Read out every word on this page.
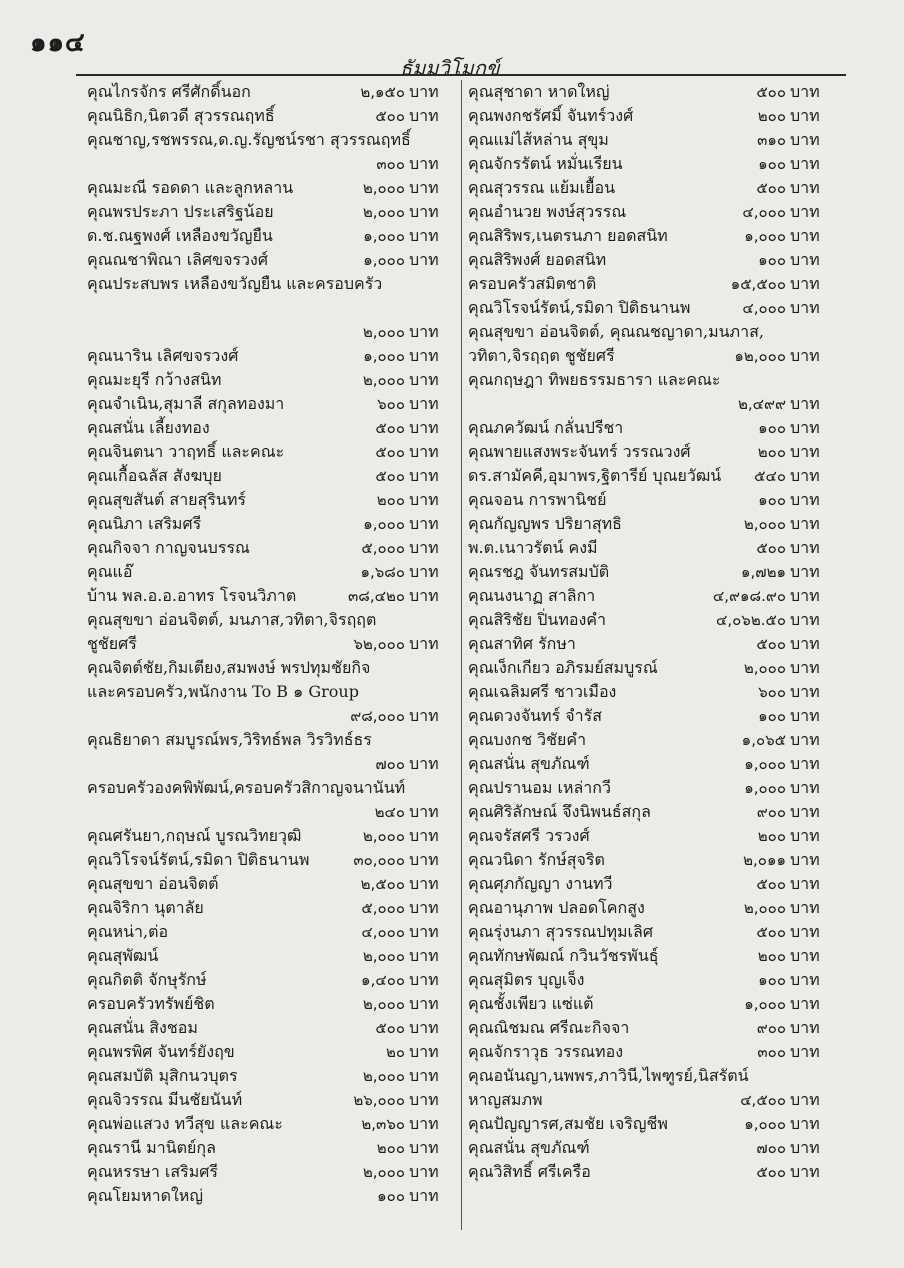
๑๑๔
ธัมมวิโมกข์
คุณไกรจักร ศรีศักดิ์นอก	๒,๑๕๐ บาท
คุณนิธิก,นิตวดี สุวรรณฤทธิ์	๕๐๐ บาท
คุณชาญ,รชพรรณ,ด.ญ.รัญชน์รชา สุวรรณฤทธิ์
๓๐๐ บาท
คุณมะณี รอดดา และลูกหลาน	๒,๐๐๐ บาท
คุณพรประภา ประเสริฐน้อย	๒,๐๐๐ บาท
ด.ช.ณฐพงศ์ เหลืองขวัญยืน	๑,๐๐๐ บาท
คุณณชาพิณา เลิศขจรวงศ์	๑,๐๐๐ บาท
คุณประสบพร เหลืองขวัญยืน และครอบครัว
๒,๐๐๐ บาท
คุณนาริน เลิศขจรวงศ์	๑,๐๐๐ บาท
คุณมะยุรี กว้างสนิท	๒,๐๐๐ บาท
คุณจำเนิน,สุมาลี สกุลทองมา	๖๐๐ บาท
คุณสนั่น เลี้ยงทอง	๕๐๐ บาท
คุณจินตนา วาฤทธิ์ และคณะ	๕๐๐ บาท
คุณเกื้อฉลัส สังฆบุย	๕๐๐ บาท
คุณสุขสันต์ สายสุรินทร์	๒๐๐ บาท
คุณนิภา เสริมศรี	๑,๐๐๐ บาท
คุณกิจจา กาญจนบรรณ	๕,๐๐๐ บาท
คุณแอ๊	๑,๖๘๐ บาท
บ้าน พล.อ.อ.อาทร โรจนวิภาต	๓๘,๔๒๐ บาท
คุณสุขขา อ่อนจิตต์, มนภาส,วทิตา,จิรฤฤต
ชูชัยศรี	๖๒,๐๐๐ บาท
คุณจิตต์ชัย,กิมเตียง,สมพงษ์ พรปทุมชัยกิจ
และครอบครัว,พนักงาน To B ๑ Group
๙๘,๐๐๐ บาท
คุณธิยาดา สมบูรณ์พร,วิริทธ์พล วิรวิทธ์ธร
๗๐๐ บาท
ครอบครัวองคพิพัฒน์,ครอบครัวสิกาญจนานันท์
๒๔๐ บาท
คุณศรันยา,กฤษณ์ บูรณวิทยวุฒิ	๒,๐๐๐ บาท
คุณวิโรจน์รัตน์,รมิดา ปิติธนานพ	๓๐,๐๐๐ บาท
คุณสุขขา อ่อนจิตต์	๒,๕๐๐ บาท
คุณจิริกา นุตาลัย	๕,๐๐๐ บาท
คุณหน่า,ต่อ	๔,๐๐๐ บาท
คุณสุพัฒน์	๒,๐๐๐ บาท
คุณกิตติ จักษุรักษ์	๑,๔๐๐ บาท
ครอบครัวทรัพย์ชิต	๒,๐๐๐ บาท
คุณสนั่น สิงชอม	๕๐๐ บาท
คุณพรพิศ จันทร์ยังฤข	๒๐ บาท
คุณสมบัติ มุสิกนวบุตร	๒,๐๐๐ บาท
คุณจิวรรณ มีนชัยนันท์	๒๖,๐๐๐ บาท
คุณพ่อแสวง ทวีสุข และคณะ	๒,๓๖๐ บาท
คุณรานี มานิตย์กุล	๒๐๐ บาท
คุณหรรษา เสริมศรี	๒,๐๐๐ บาท
คุณโยมหาดใหญ่	๑๐๐ บาท
คุณสุชาดา หาดใหญ่	๕๐๐ บาท
คุณพงกชรัศมิ์ จันทร์วงศ์	๒๐๐ บาท
คุณแม่ไส้หล่าน สุขุม	๓๑๐ บาท
คุณจักรรัตน์ หมั่นเรียน	๑๐๐ บาท
คุณสุวรรณ แย้มเยื้อน	๕๐๐ บาท
คุณอำนวย พงษ์สุวรรณ	๔,๐๐๐ บาท
คุณสิริพร,เนตรนภา ยอดสนิท	๑,๐๐๐ บาท
คุณสิริพงศ์ ยอดสนิท	๑๐๐ บาท
ครอบครัวสมิตชาติ	๑๕,๕๐๐ บาท
คุณวิโรจน์รัตน์,รมิดา ปิติธนานพ	๔,๐๐๐ บาท
คุณสุขขา อ่อนจิตต์, คุณณชญาดา,มนภาส,
วทิตา,จิรฤฤต ชูชัยศรี	๑๒,๐๐๐ บาท
คุณกฤษฎา ทิพยธรรมธารา และคณะ
๒,๔๙๙ บาท
คุณภควัฒน์ กลั่นปรีชา	๑๐๐ บาท
คุณพายแสงพระจันทร์ วรรณวงศ์	๒๐๐ บาท
ดร.สามัคคี,อุมาพร,ฐิตารีย์ บุณยวัฒน์ ๕๔๐ บาท
คุณจอน การพานิชย์	๑๐๐ บาท
คุณกัญญพร ปริยาสุทธิ	๒,๐๐๐ บาท
พ.ต.เนาวรัตน์ คงมี	๕๐๐ บาท
คุณรชฎ จันทรสมบัติ	๑,๗๒๑ บาท
คุณนงนาฏ สาลิกา	๔,๙๑๘.๙๐ บาท
คุณสิริชัย ปิ่นทองคำ	๔,๐๖๒.๕๐ บาท
คุณสาทิศ รักษา	๕๐๐ บาท
คุณเง็กเกียว อภิรมย์สมบูรณ์	๒,๐๐๐ บาท
คุณเฉลิมศรี ชาวเมือง	๖๐๐ บาท
คุณดวงจันทร์ จำรัส	๑๐๐ บาท
คุณบงกช วิชัยคำ	๑,๐๖๕ บาท
คุณสนั่น สุขภัณฑ์	๑,๐๐๐ บาท
คุณปรานอม เหล่ากวี	๑,๐๐๐ บาท
คุณศิริลักษณ์ จึงนิพนธ์สกุล	๙๐๐ บาท
คุณจรัสศรี วรวงศ์	๒๐๐ บาท
คุณวนิดา รักษ์สุจริต	๒,๐๑๑ บาท
คุณศุภกัญญา งานทวี	๕๐๐ บาท
คุณอานุภาพ ปลอดโคกสูง	๒,๐๐๐ บาท
คุณรุ่งนภา สุวรรณปทุมเลิศ	๕๐๐ บาท
คุณทักษพัฒณ์ กวินวัชรพันธุ์	๒๐๐ บาท
คุณสุมิตร บุญเจ็ง	๑๐๐ บาท
คุณชั้งเพียว แซ่แต้	๑,๐๐๐ บาท
คุณณิชมณ ศรีณะกิจจา	๙๐๐ บาท
คุณจักราวุธ วรรณทอง	๓๐๐ บาท
คุณอนันญา,นพพร,ภาวินี,ไพฑูรย์,นิสรัตน์
หาญสมภพ	๔,๕๐๐ บาท
คุณปัญญารศ,สมชัย เจริญชีพ	๑,๐๐๐ บาท
คุณสนั่น สุขภัณฑ์	๗๐๐ บาท
คุณวิสิทธิ์ ศรีเครือ	๕๐๐ บาท
